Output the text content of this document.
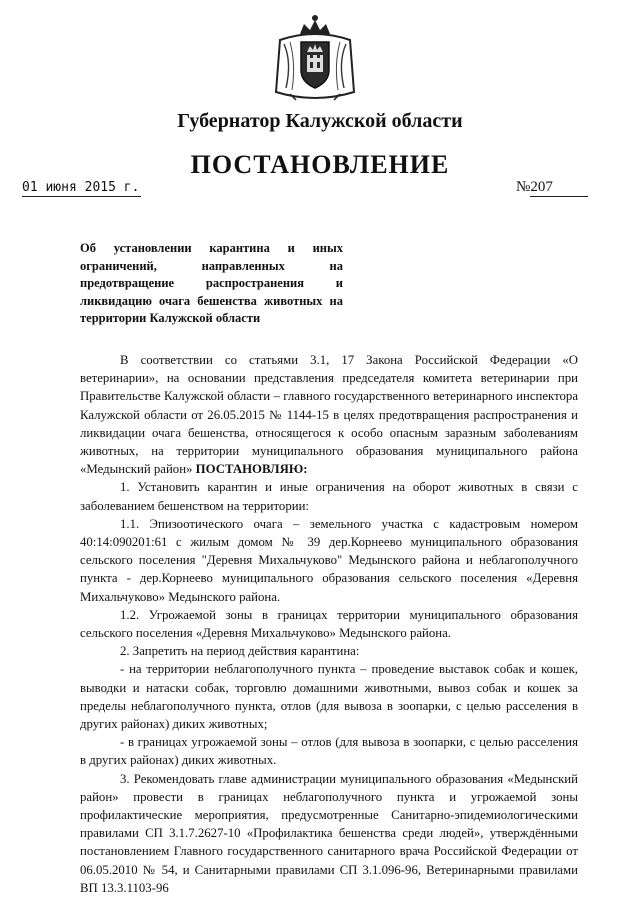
Губернатор Калужской области
ПОСТАНОВЛЕНИЕ
01 июня 2015 г.	№207
Об установлении карантина и иных ограничений, направленных на предотвращение распространения и ликвидацию очага бешенства животных на территории Калужской области

В соответствии со статьями 3.1, 17 Закона Российской Федерации «О ветеринарии», на основании представления председателя комитета ветеринарии при Правительстве Калужской области – главного государственного ветеринарного инспектора Калужской области от 26.05.2015 № 1144-15 в целях предотвращения распространения и ликвидации очага бешенства, относящегося к особо опасным заразным заболеваниям животных, на территории муниципального образования муниципального района «Медынский район» ПОСТАНОВЛЯЮ:

1. Установить карантин и иные ограничения на оборот животных в связи с заболеванием бешенством на территории:

1.1. Эпизоотического очага – земельного участка с кадастровым номером 40:14:090201:61 с жилым домом № 39 дер.Корнеево муниципального образования сельского поселения "Деревня Михальчуково" Медынского района и неблагополучного пункта - дер.Корнеево муниципального образования сельского поселения «Деревня Михальчуково» Медынского района.

1.2. Угрожаемой зоны в границах территории муниципального образования сельского поселения «Деревня Михальчуково» Медынского района.

2. Запретить на период действия карантина:

- на территории неблагополучного пункта – проведение выставок собак и кошек, выводки и натаски собак, торговлю домашними животными, вывоз собак и кошек за пределы неблагополучного пункта, отлов (для вывоза в зоопарки, с целью расселения в других районах) диких животных;

- в границах угрожаемой зоны – отлов (для вывоза в зоопарки, с целью расселения в других районах) диких животных.

3. Рекомендовать главе администрации муниципального образования «Медынский район» провести в границах неблагополучного пункта и угрожаемой зоны профилактические мероприятия, предусмотренные Санитарно-эпидемиологическими правилами СП 3.1.7.2627-10 «Профилактика бешенства среди людей», утверждёнными постановлением Главного государственного санитарного врача Российской Федерации от 06.05.2010 № 54, и Санитарными правилами СП 3.1.096-96, Ветеринарными правилами ВП 13.3.1103-96
